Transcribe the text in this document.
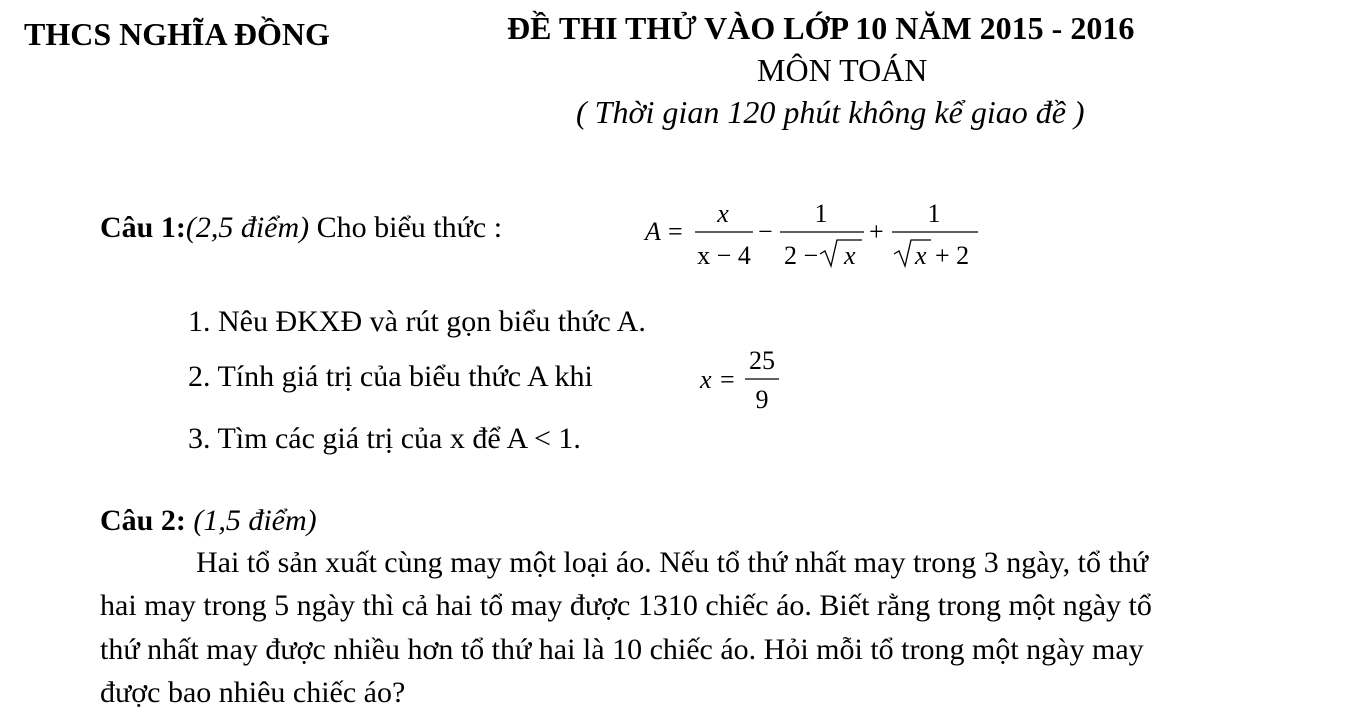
THCS NGHĨA ĐỒNG	ĐỀ THI THỬ VÀO LỚP 10 NĂM 2015 - 2016
MÔN TOÁN
( Thời gian 120 phút không kể giao đề )
Câu 1:(2,5 điểm) Cho biểu thức :	A =
x
x − 4
−
1
2 − x
+
1
x + 2
1. Nêu ĐKXĐ và rút gọn biểu thức A.
2. Tính giá trị của biểu thức A khi	x =
25
9
3. Tìm các giá trị của x để A < 1.
Câu 2: (1,5 điểm)
Hai tổ sản xuất cùng may một loại áo. Nếu tổ thứ nhất may trong 3 ngày, tổ thứ
hai may trong 5 ngày thì cả hai tổ may được 1310 chiếc áo. Biết rằng trong một ngày tổ
thứ nhất may được nhiều hơn tổ thứ hai là 10 chiếc áo. Hỏi mỗi tổ trong một ngày may
được bao nhiêu chiếc áo?
